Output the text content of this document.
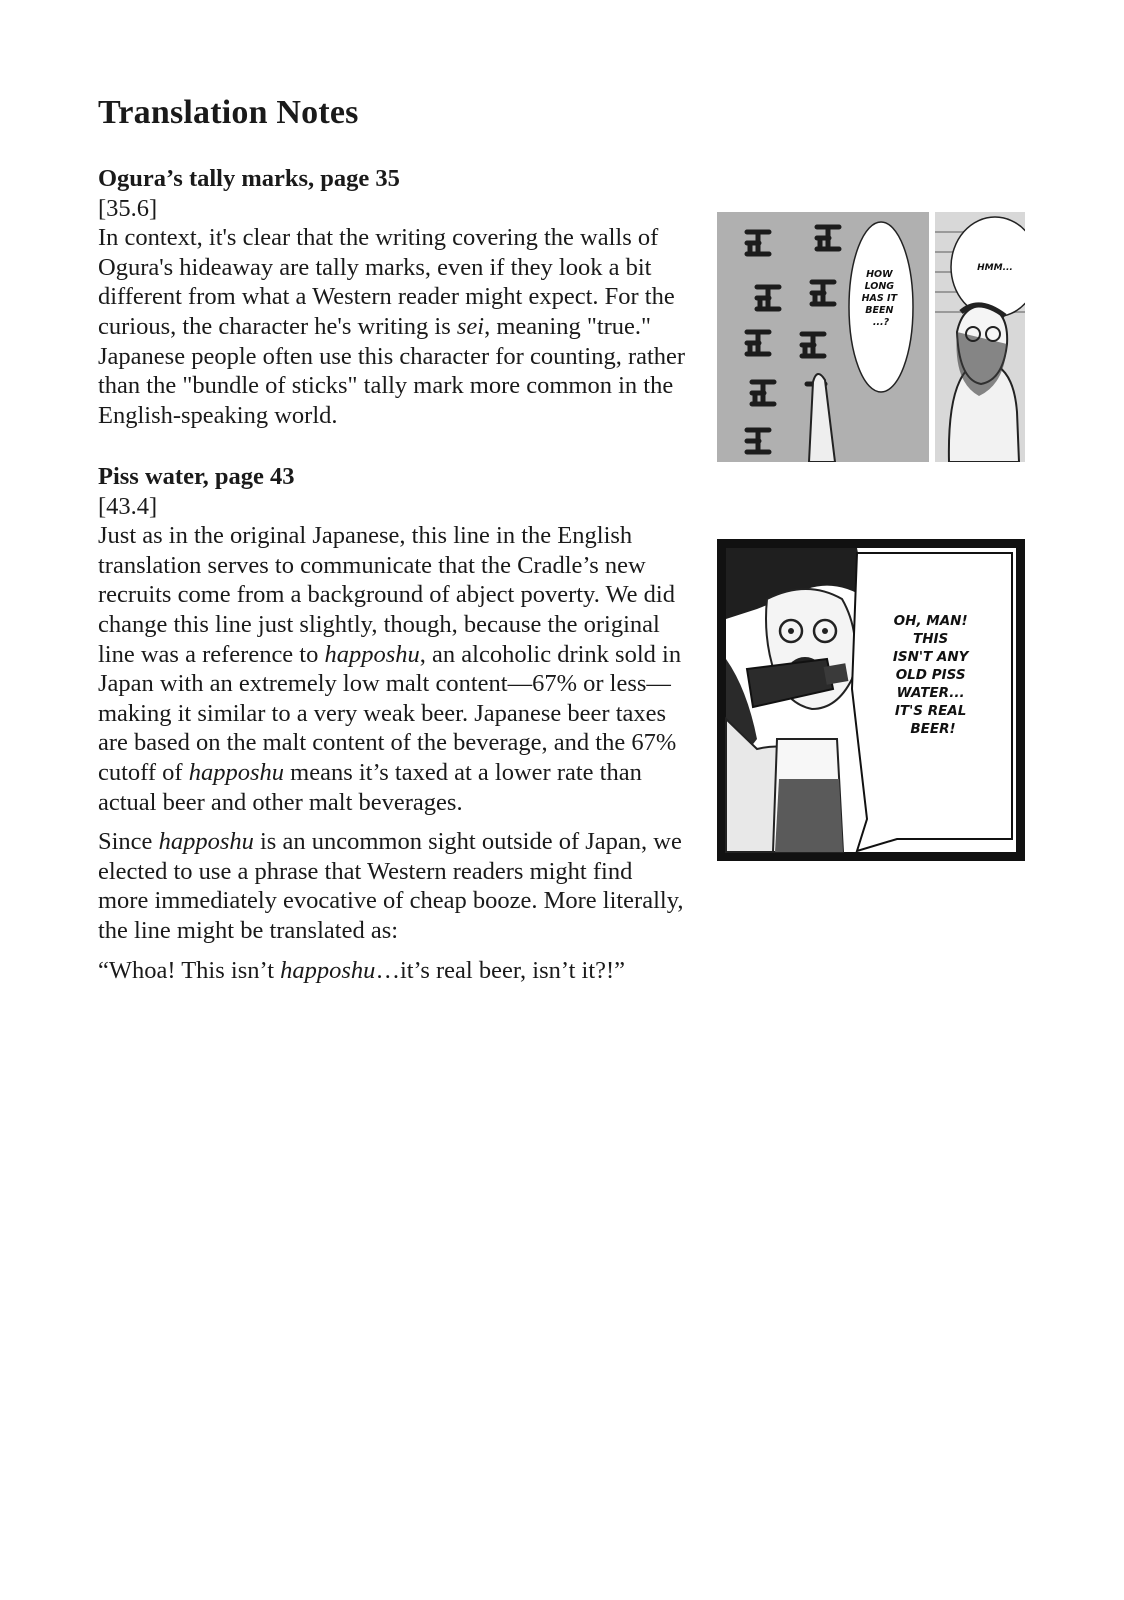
Translation Notes

Ogura’s tally marks, page 35

[35.6]

In context, it's clear that the writing covering the walls of Ogura's hideaway are tally marks, even if they look a bit different from what a Western reader might expect. For the curious, the character he's writing is sei, meaning "true." Japanese people often use this character for counting, rather than the "bundle of sticks" tally mark more common in the English-speaking world.

Piss water, page 43

[43.4]

Just as in the original Japanese, this line in the English translation serves to communicate that the Cradle’s new recruits come from a background of abject poverty. We did change this line just slightly, though, because the original line was a reference to happoshu, an alcoholic drink sold in Japan with an extremely low malt content—67% or less—making it similar to a very weak beer. Japanese beer taxes are based on the malt content of the beverage, and the 67% cutoff of happoshu means it’s taxed at a lower rate than actual beer and other malt beverages.

Since happoshu is an uncommon sight outside of Japan, we elected to use a phrase that Western readers might find more immediately evocative of cheap booze. More literally, the line might be translated as:

“Whoa! This isn’t happoshu…it’s real beer, isn’t it?!”

HOW LONG HAS IT BEEN ...?
HMM...
OH, MAN! THIS ISN'T ANY OLD PISS WATER... IT'S REAL BEER!
